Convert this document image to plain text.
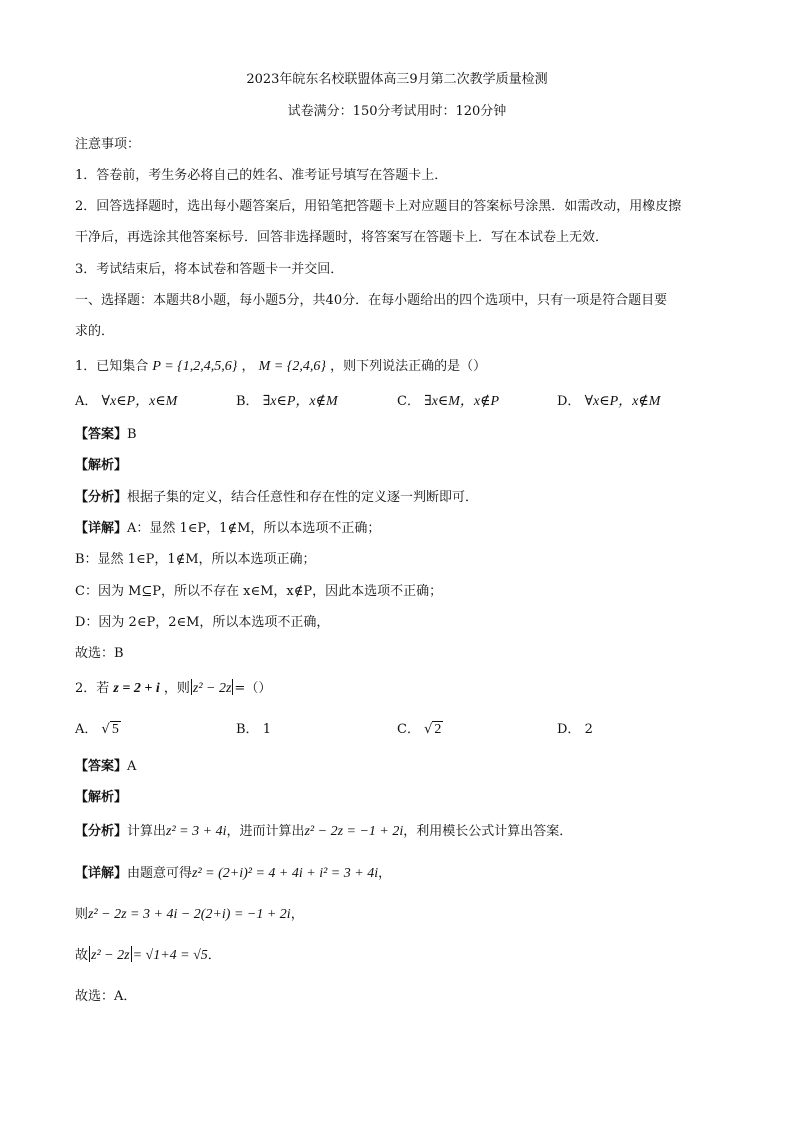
2023年皖东名校联盟体高三9月第二次教学质量检测
试卷满分：150分考试用时：120分钟
注意事项：
1．答卷前，考生务必将自己的姓名、准考证号填写在答题卡上．
2．回答选择题时，选出每小题答案后，用铅笔把答题卡上对应题目的答案标号涂黑．如需改动，用橡皮擦
干净后，再选涂其他答案标号．回答非选择题时，将答案写在答题卡上．写在本试卷上无效．
3．考试结束后，将本试卷和答题卡一并交回．
一、选择题：本题共8小题，每小题5分，共40分．在每小题给出的四个选项中，只有一项是符合题目要
求的．
1．已知集合 P = {1,2,4,5,6} ， M = {2,4,6} ，则下列说法正确的是（）
A． ∀x∈P，x∈M	B． ∃x∈P，x∉M	C． ∃x∈M，x∉P	D． ∀x∈P，x∉M
【答案】B
【解析】
【分析】根据子集的定义，结合任意性和存在性的定义逐一判断即可．
【详解】A：显然 1∈P，1∉M，所以本选项不正确；
B：显然 1∈P，1∉M，所以本选项正确；
C：因为 M⊆P，所以不存在 x∈M，x∉P，因此本选项不正确；
D：因为 2∈P，2∈M，所以本选项不正确，
故选：B
2．若 z = 2 + i ，则 z² − 2z =（）
A． √ 5	B． 1	C． √ 2	D． 2
【答案】A
【解析】
【分析】计算出z² = 3 + 4i，进而计算出z² − 2z = −1 + 2i，利用模长公式计算出答案．
【详解】由题意可得z² = (2+i)² = 4 + 4i + i² = 3 + 4i，
则z² − 2z = 3 + 4i − 2(2+i) = −1 + 2i，
故 z² − 2z = √1+4 = √5．
故选：A．
